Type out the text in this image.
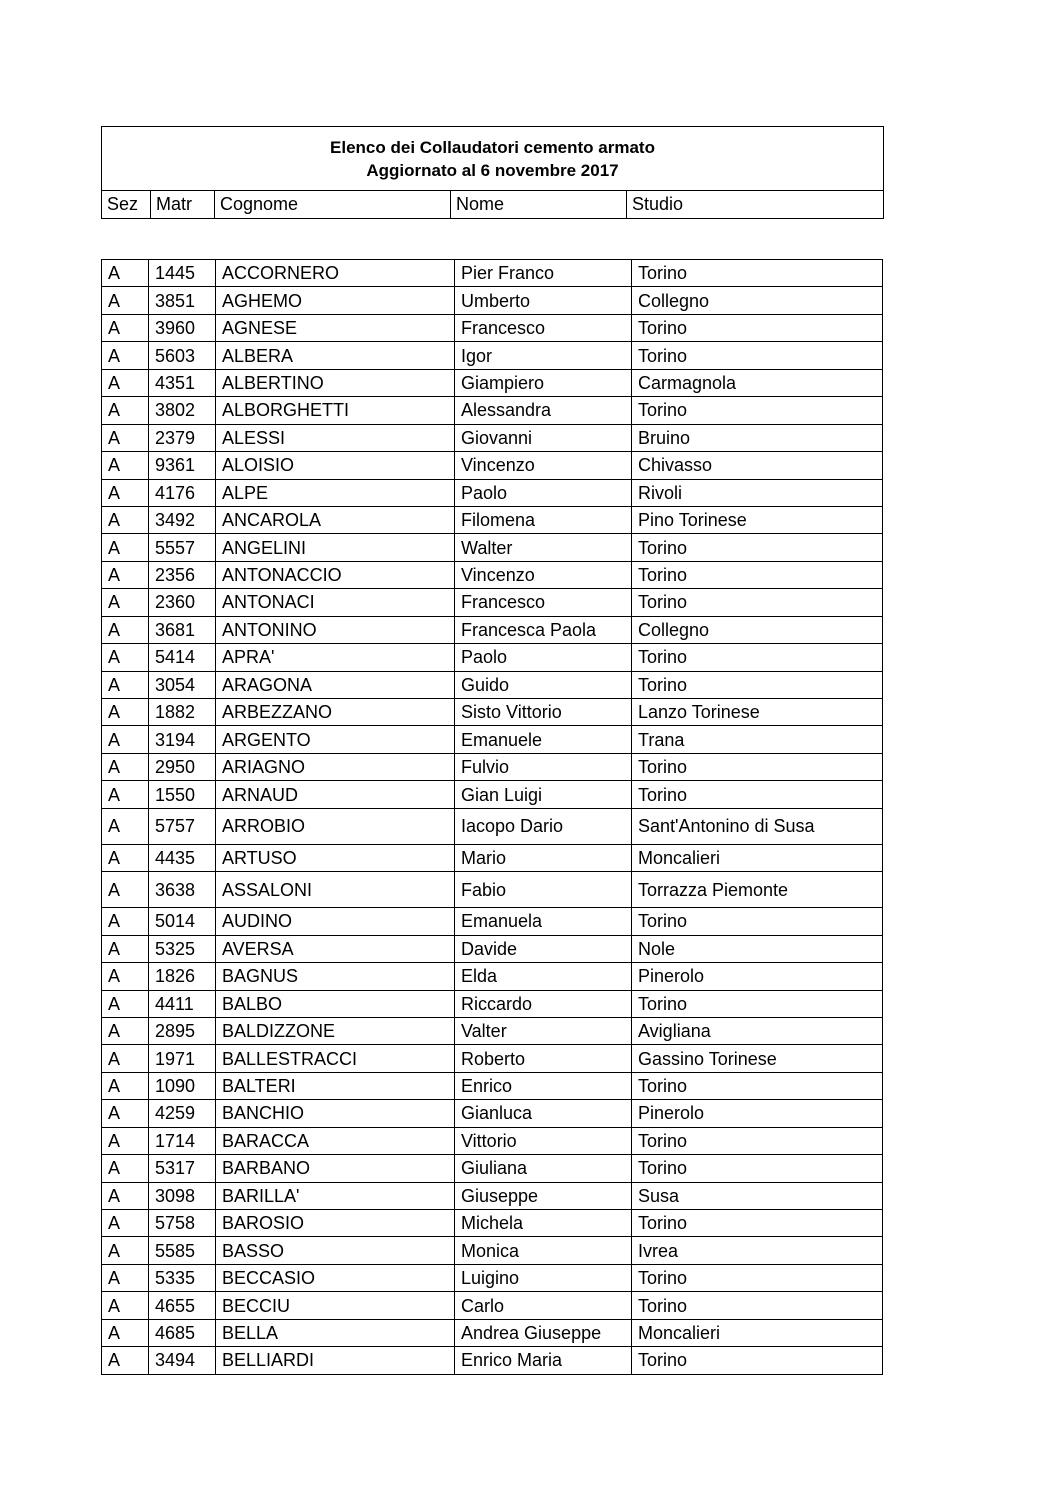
Elenco dei Collaudatori cemento armato
Aggiornato al 6 novembre 2017
Sez Matr	Cognome	Nome	Studio
A	1445	ACCORNERO	Pier Franco	Torino
A	3851	AGHEMO	Umberto	Collegno
A	3960	AGNESE	Francesco	Torino
A	5603	ALBERA	Igor	Torino
A	4351	ALBERTINO	Giampiero	Carmagnola
A	3802	ALBORGHETTI	Alessandra	Torino
A	2379	ALESSI	Giovanni	Bruino
A	9361	ALOISIO	Vincenzo	Chivasso
A	4176	ALPE	Paolo	Rivoli
A	3492	ANCAROLA	Filomena	Pino Torinese
A	5557	ANGELINI	Walter	Torino
A	2356	ANTONACCIO	Vincenzo	Torino
A	2360	ANTONACI	Francesco	Torino
A	3681	ANTONINO	Francesca Paola	Collegno
A	5414	APRA'	Paolo	Torino
A	3054	ARAGONA	Guido	Torino
A	1882	ARBEZZANO	Sisto Vittorio	Lanzo Torinese
A	3194	ARGENTO	Emanuele	Trana
A	2950	ARIAGNO	Fulvio	Torino
A	1550	ARNAUD	Gian Luigi	Torino
A	5757	ARROBIO	Iacopo Dario	Sant'Antonino di Susa
A	4435	ARTUSO	Mario	Moncalieri
A	3638	ASSALONI	Fabio	Torrazza Piemonte
A	5014	AUDINO	Emanuela	Torino
A	5325	AVERSA	Davide	Nole
A	1826	BAGNUS	Elda	Pinerolo
A	4411	BALBO	Riccardo	Torino
A	2895	BALDIZZONE	Valter	Avigliana
A	1971	BALLESTRACCI	Roberto	Gassino Torinese
A	1090	BALTERI	Enrico	Torino
A	4259	BANCHIO	Gianluca	Pinerolo
A	1714	BARACCA	Vittorio	Torino
A	5317	BARBANO	Giuliana	Torino
A	3098	BARILLA'	Giuseppe	Susa
A	5758	BAROSIO	Michela	Torino
A	5585	BASSO	Monica	Ivrea
A	5335	BECCASIO	Luigino	Torino
A	4655	BECCIU	Carlo	Torino
A	4685	BELLA	Andrea Giuseppe	Moncalieri
A	3494	BELLIARDI	Enrico Maria	Torino
